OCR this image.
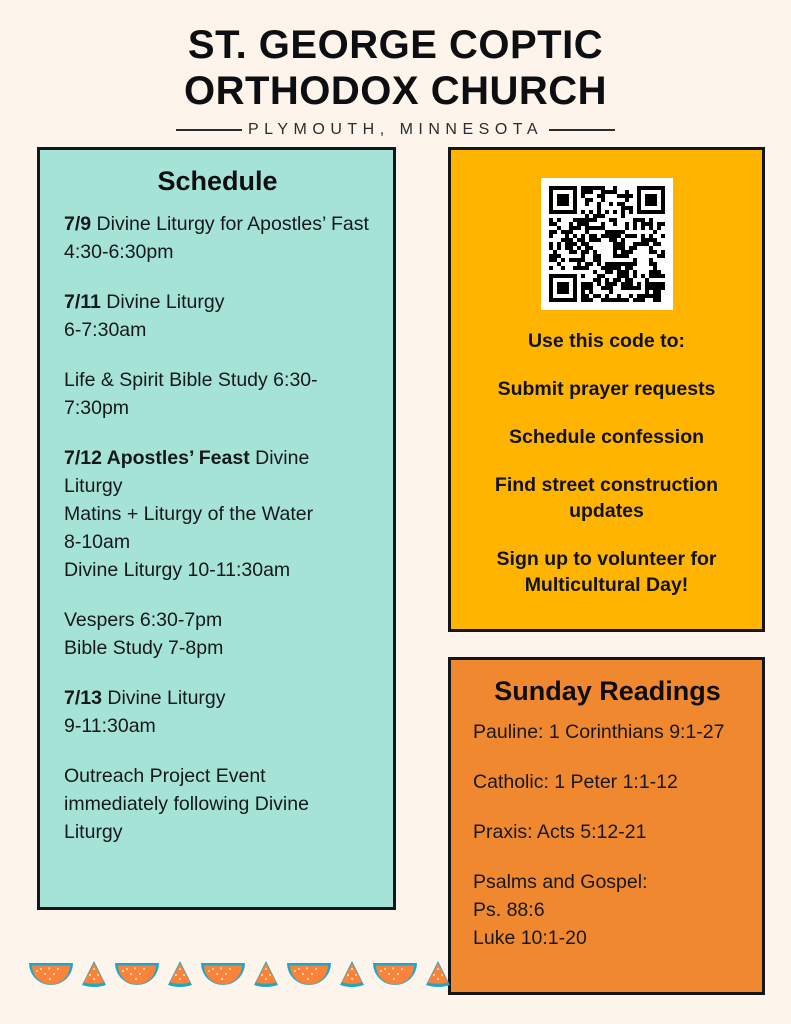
ST. GEORGE COPTIC
ORTHODOX CHURCH
PLYMOUTH, MINNESOTA
Schedule
7/9 Divine Liturgy for Apostles’ Fast 4:30-6:30pm
7/11 Divine Liturgy
6-7:30am
Life & Spirit Bible Study 6:30-7:30pm
7/12 Apostles’ Feast Divine Liturgy
Matins + Liturgy of the Water
8-10am
Divine Liturgy 10-11:30am
Vespers 6:30-7pm
Bible Study 7-8pm
7/13 Divine Liturgy
9-11:30am
Outreach Project Event immediately following Divine Liturgy
Use this code to:
Submit prayer requests
Schedule confession
Find street construction updates
Sign up to volunteer for Multicultural Day!
Sunday Readings
Pauline: 1 Corinthians 9:1-27
Catholic: 1 Peter 1:1-12
Praxis: Acts 5:12-21
Psalms and Gospel:
Ps. 88:6
Luke 10:1-20
